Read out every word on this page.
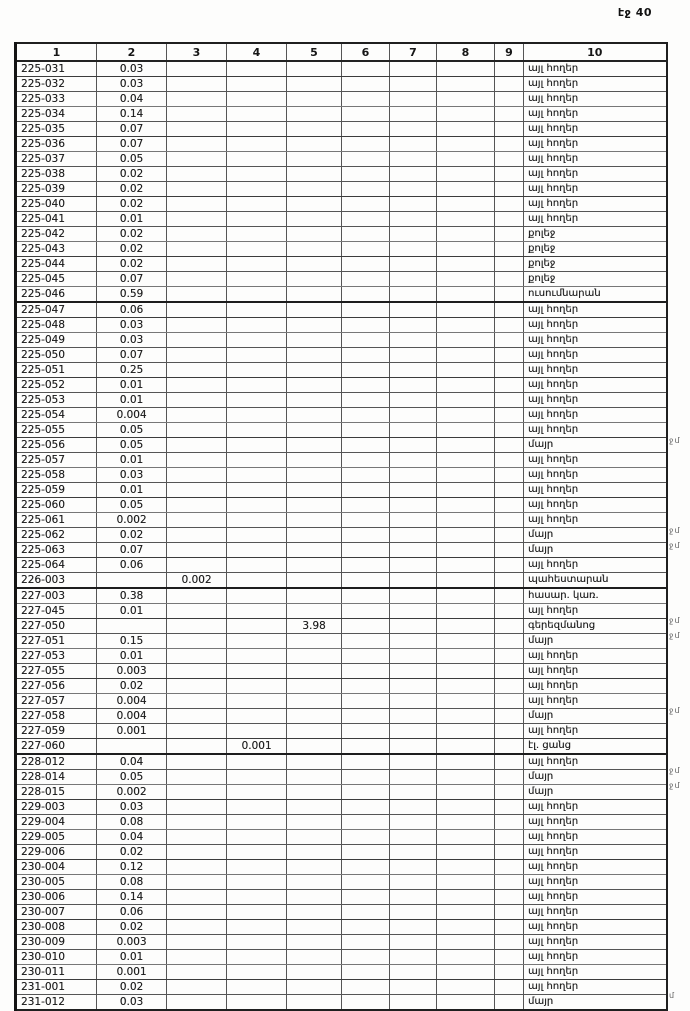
էջ 40
1	2	3	4	5	6	7	8	9	10
225-031	0.03								այլ հողեր
225-032	0.03								այլ հողեր
225-033	0.04								այլ հողեր
225-034	0.14								այլ հողեր
225-035	0.07								այլ հողեր
225-036	0.07								այլ հողեր
225-037	0.05								այլ հողեր
225-038	0.02								այլ հողեր
225-039	0.02								այլ հողեր
225-040	0.02								այլ հողեր
225-041	0.01								այլ հողեր
225-042	0.02								քոլեջ
225-043	0.02								քոլեջ
225-044	0.02								քոլեջ
225-045	0.07								քոլեջ
225-046	0.59								ուսումնարան
225-047	0.06								այլ հողեր
225-048	0.03								այլ հողեր
225-049	0.03								այլ հողեր
225-050	0.07								այլ հողեր
225-051	0.25								այլ հողեր
225-052	0.01								այլ հողեր
225-053	0.01								այլ հողեր
225-054	0.004								այլ հողեր
225-055	0.05								այլ հողեր
225-056	0.05								մայր
225-057	0.01								այլ հողեր
225-058	0.03								այլ հողեր
225-059	0.01								այլ հողեր
225-060	0.05								այլ հողեր
225-061	0.002								այլ հողեր
225-062	0.02								մայր
225-063	0.07								մայր
225-064	0.06								այլ հողեր
226-003		0.002							պահեստարան
227-003	0.38								հասար. կառ.
227-045	0.01								այլ հողեր
227-050				3.98					գերեզմանոց
227-051	0.15								մայր
227-053	0.01								այլ հողեր
227-055	0.003								այլ հողեր
227-056	0.02								այլ հողեր
227-057	0.004								այլ հողեր
227-058	0.004								մայր
227-059	0.001								այլ հողեր
227-060			0.001						էլ. ցանց
228-012	0.04								այլ հողեր
228-014	0.05								մայր
228-015	0.002								մայր
229-003	0.03								այլ հողեր
229-004	0.08								այլ հողեր
229-005	0.04								այլ հողեր
229-006	0.02								այլ հողեր
230-004	0.12								այլ հողեր
230-005	0.08								այլ հողեր
230-006	0.14								այլ հողեր
230-007	0.06								այլ հողեր
230-008	0.02								այլ հողեր
230-009	0.003								այլ հողեր
230-010	0.01								այլ հողեր
230-011	0.001								այլ հողեր
231-001	0.02								այլ հողեր
231-012	0.03								մայր
ջմ
ջմ
ջմ
ջմ
ջմ
ջմ
ջմ
ջմ
մ
